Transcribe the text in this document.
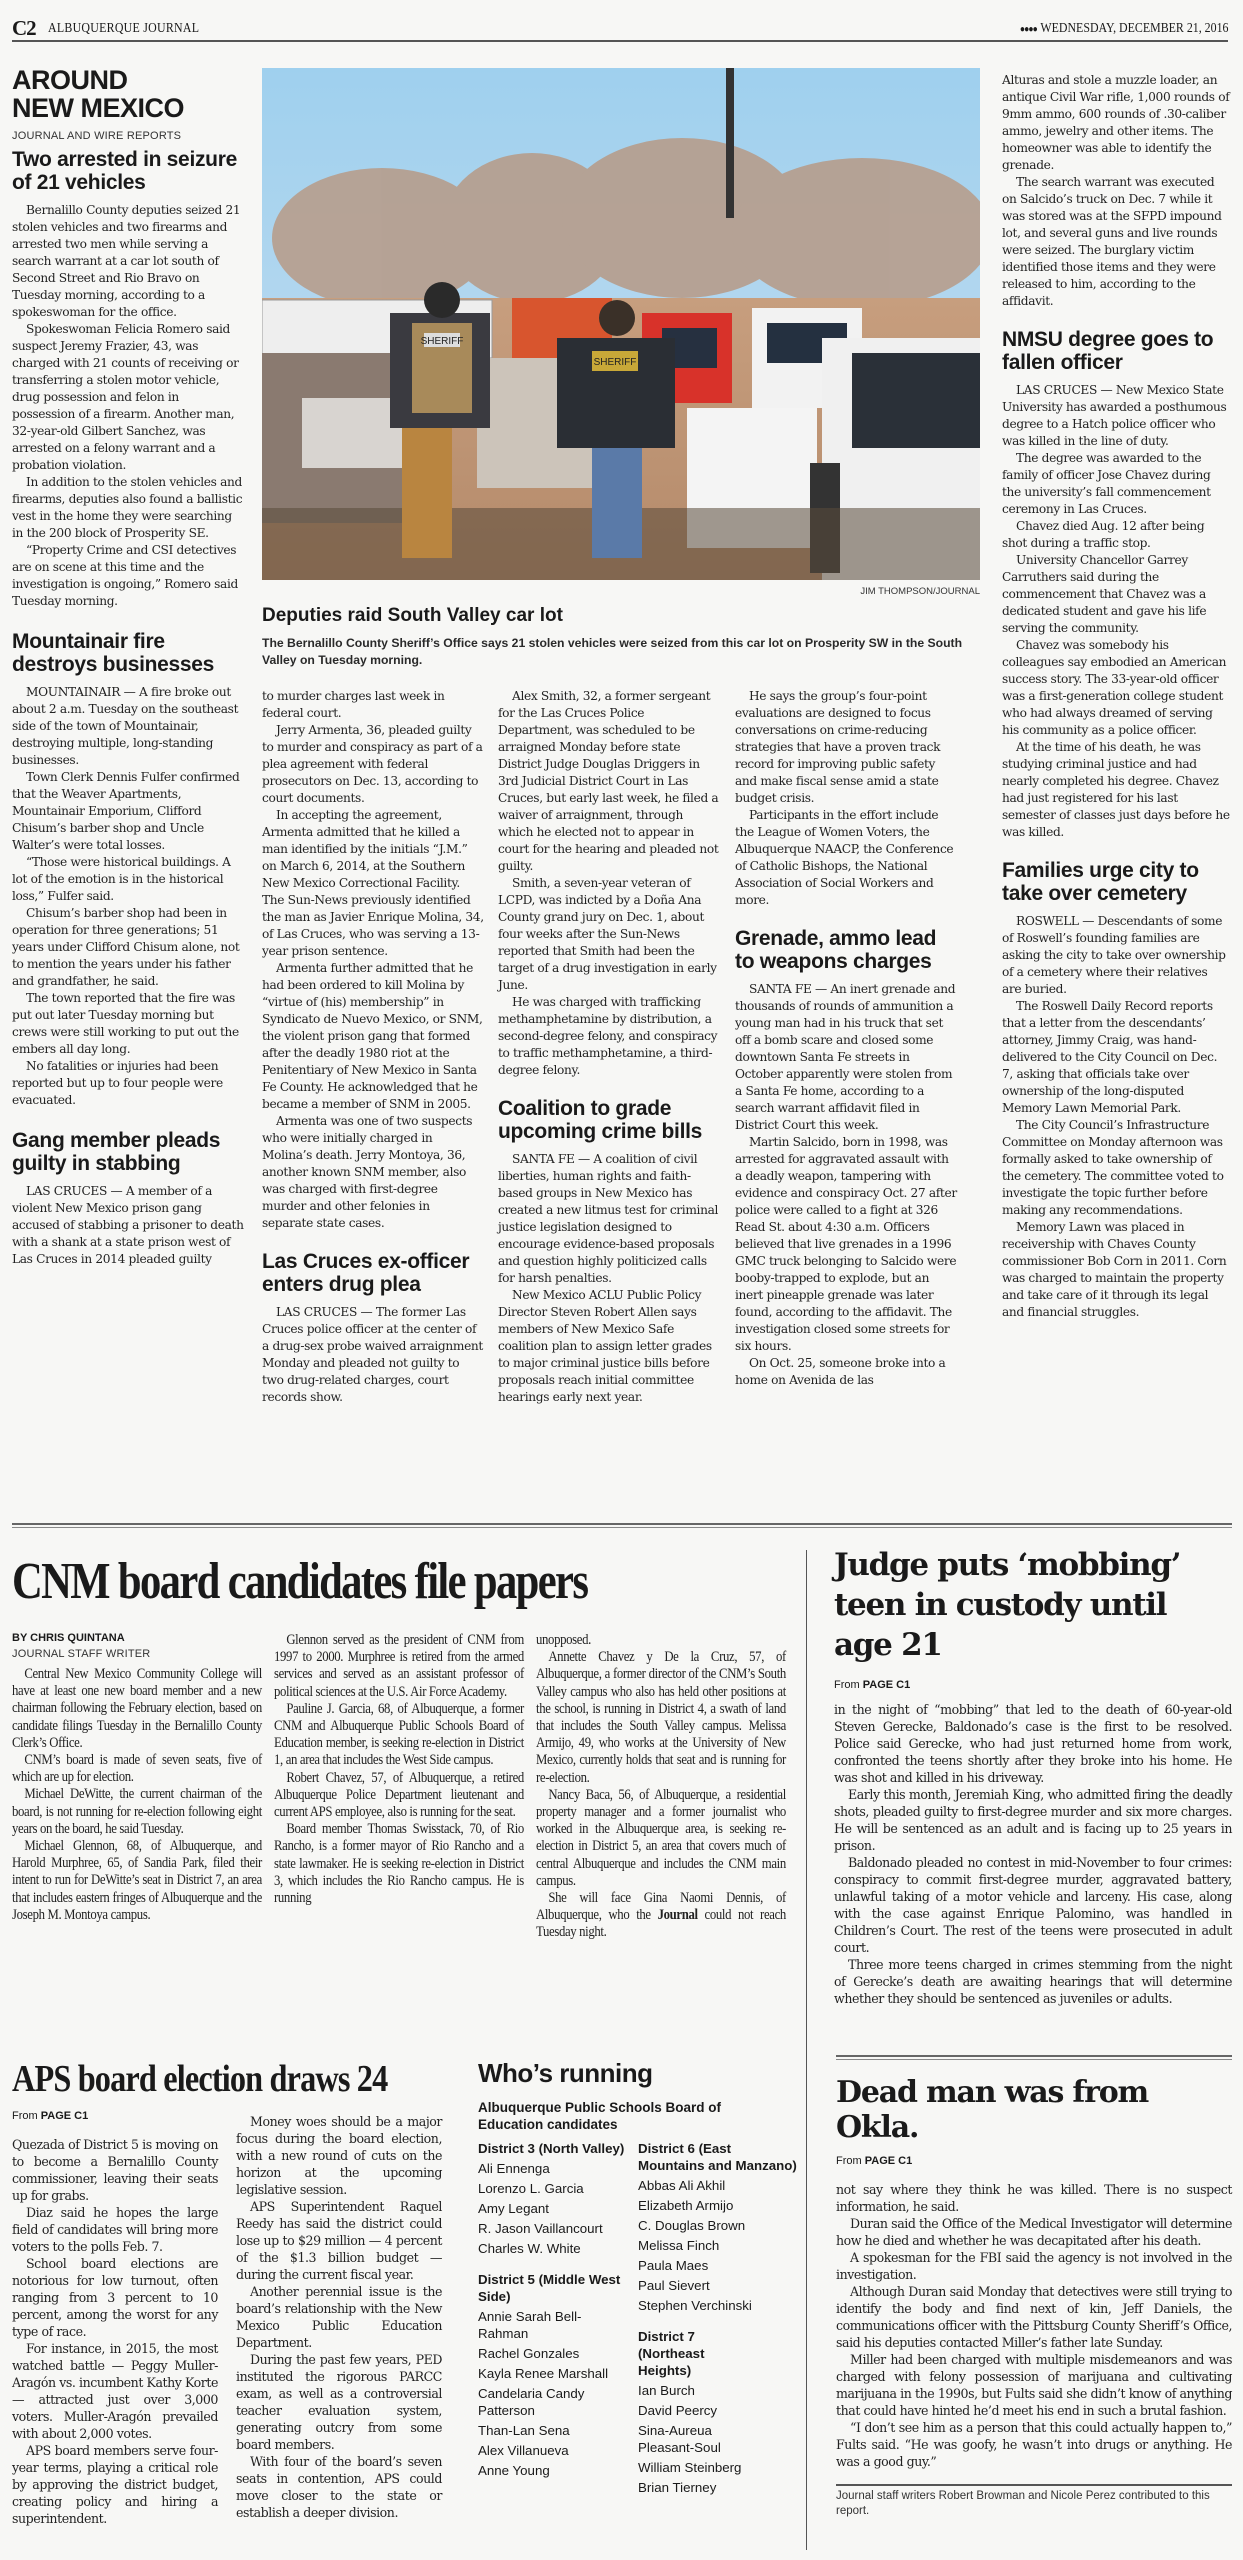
C2 ALBUQUERQUE JOURNAL	●●●● WEDNESDAY, DECEMBER 21, 2016
AROUND
NEW MEXICO
JOURNAL AND WIRE REPORTS
Two arrested in seizure of 21 vehicles

Bernalillo County deputies seized 21 stolen vehicles and two firearms and arrested two men while serving a search warrant at a car lot south of Second Street and Rio Bravo on Tuesday morning, according to a spokeswoman for the office.

Spokeswoman Felicia Romero said suspect Jeremy Frazier, 43, was charged with 21 counts of receiving or transferring a stolen motor vehicle, drug possession and felon in possession of a firearm. Another man, 32-year-old Gilbert Sanchez, was arrested on a felony warrant and a probation violation.

In addition to the stolen vehicles and firearms, deputies also found a ballistic vest in the home they were searching in the 200 block of Prosperity SE.

“Property Crime and CSI detectives are on scene at this time and the investigation is ongoing,” Romero said Tuesday morning.

Mountainair fire destroys businesses

MOUNTAINAIR — A fire broke out about 2 a.m. Tuesday on the southeast side of the town of Mountainair, destroying multiple, long-standing businesses.

Town Clerk Dennis Fulfer confirmed that the Weaver Apartments, Mountainair Emporium, Clifford Chisum’s barber shop and Uncle Walter’s were total losses.

“Those were historical buildings. A lot of the emotion is in the historical loss,” Fulfer said.

Chisum’s barber shop had been in operation for three generations; 51 years under Clifford Chisum alone, not to mention the years under his father and grandfather, he said.

The town reported that the fire was put out later Tuesday morning but crews were still working to put out the embers all day long.

No fatalities or injuries had been reported but up to four people were evacuated.

Gang member pleads guilty in stabbing

LAS CRUCES — A member of a violent New Mexico prison gang accused of stabbing a prisoner to death with a shank at a state prison west of Las Cruces in 2014 pleaded guilty

SHERIFF
SHERIFF
JIM THOMPSON/JOURNAL
Deputies raid South Valley car lot
The Bernalillo County Sheriff’s Office says 21 stolen vehicles were seized from this car lot on Prosperity SW in the South Valley on Tuesday morning.

to murder charges last week in federal court.

Jerry Armenta, 36, pleaded guilty to murder and conspiracy as part of a plea agreement with federal prosecutors on Dec. 13, according to court documents.

In accepting the agreement, Armenta admitted that he killed a man identified by the initials “J.M.” on March 6, 2014, at the Southern New Mexico Correctional Facility. The Sun-News previously identified the man as Javier Enrique Molina, 34, of Las Cruces, who was serving a 13-year prison sentence.

Armenta further admitted that he had been ordered to kill Molina by “virtue of (his) membership” in Syndicato de Nuevo Mexico, or SNM, the violent prison gang that formed after the deadly 1980 riot at the Penitentiary of New Mexico in Santa Fe County. He acknowledged that he became a member of SNM in 2005.

Armenta was one of two suspects who were initially charged in Molina’s death. Jerry Montoya, 36, another known SNM member, also was charged with first-degree murder and other felonies in separate state cases.

Las Cruces ex-officer enters drug plea

LAS CRUCES — The former Las Cruces police officer at the center of a drug-sex probe waived arraignment Monday and pleaded not guilty to two drug-related charges, court records show.

Alex Smith, 32, a former sergeant for the Las Cruces Police Department, was scheduled to be arraigned Monday before state District Judge Douglas Driggers in 3rd Judicial District Court in Las Cruces, but early last week, he filed a waiver of arraignment, through which he elected not to appear in court for the hearing and pleaded not guilty.

Smith, a seven-year veteran of LCPD, was indicted by a Doña Ana County grand jury on Dec. 1, about four weeks after the Sun-News reported that Smith had been the target of a drug investigation in early June.

He was charged with trafficking methamphetamine by distribution, a second-degree felony, and conspiracy to traffic methamphetamine, a third-degree felony.

Coalition to grade upcoming crime bills

SANTA FE — A coalition of civil liberties, human rights and faith-based groups in New Mexico has created a new litmus test for criminal justice legislation designed to encourage evidence-based proposals and question highly politicized calls for harsh penalties.

New Mexico ACLU Public Policy Director Steven Robert Allen says members of New Mexico Safe coalition plan to assign letter grades to major criminal justice bills before proposals reach initial committee hearings early next year.

He says the group’s four-point evaluations are designed to focus conversations on crime-reducing strategies that have a proven track record for improving public safety and make fiscal sense amid a state budget crisis.

Participants in the effort include the League of Women Voters, the Albuquerque NAACP, the Conference of Catholic Bishops, the National Association of Social Workers and more.

Grenade, ammo lead to weapons charges

SANTA FE — An inert grenade and thousands of rounds of ammunition a young man had in his truck that set off a bomb scare and closed some downtown Santa Fe streets in October apparently were stolen from a Santa Fe home, according to a search warrant affidavit filed in District Court this week.

Martin Salcido, born in 1998, was arrested for aggravated assault with a deadly weapon, tampering with evidence and conspiracy Oct. 27 after police were called to a fight at 326 Read St. about 4:30 a.m. Officers believed that live grenades in a 1996 GMC truck belonging to Salcido were booby-trapped to explode, but an inert pineapple grenade was later found, according to the affidavit. The investigation closed some streets for six hours.

On Oct. 25, someone broke into a home on Avenida de las

Alturas and stole a muzzle loader, an antique Civil War rifle, 1,000 rounds of 9mm ammo, 600 rounds of .30-caliber ammo, jewelry and other items. The homeowner was able to identify the grenade.

The search warrant was executed on Salcido’s truck on Dec. 7 while it was stored was at the SFPD impound lot, and several guns and live rounds were seized. The burglary victim identified those items and they were released to him, according to the affidavit.

NMSU degree goes to fallen officer

LAS CRUCES — New Mexico State University has awarded a posthumous degree to a Hatch police officer who was killed in the line of duty.

The degree was awarded to the family of officer Jose Chavez during the university’s fall commencement ceremony in Las Cruces.

Chavez died Aug. 12 after being shot during a traffic stop.

University Chancellor Garrey Carruthers said during the commencement that Chavez was a dedicated student and gave his life serving the community.

Chavez was somebody his colleagues say embodied an American success story. The 33-year-old officer was a first-generation college student who had always dreamed of serving his community as a police officer.

At the time of his death, he was studying criminal justice and had nearly completed his degree. Chavez had just registered for his last semester of classes just days before he was killed.

Families urge city to take over cemetery

ROSWELL — Descendants of some of Roswell’s founding families are asking the city to take over ownership of a cemetery where their relatives are buried.

The Roswell Daily Record reports that a letter from the descendants’ attorney, Jimmy Craig, was hand-delivered to the City Council on Dec. 7, asking that officials take over ownership of the long-disputed Memory Lawn Memorial Park.

The City Council’s Infrastructure Committee on Monday afternoon was formally asked to take ownership of the cemetery. The committee voted to investigate the topic further before making any recommendations.

Memory Lawn was placed in receivership with Chaves County commissioner Bob Corn in 2011. Corn was charged to maintain the property and take care of it through its legal and financial struggles.

CNM board candidates file papers
BY CHRIS QUINTANA
JOURNAL STAFF WRITER

Central New Mexico Community College will have at least one new board member and a new chairman following the February election, based on candidate filings Tuesday in the Bernalillo County Clerk’s Office.

CNM’s board is made of seven seats, five of which are up for election.

Michael DeWitte, the current chairman of the board, is not running for re-election following eight years on the board, he said Tuesday.

Michael Glennon, 68, of Albuquerque, and Harold Murphree, 65, of Sandia Park, filed their intent to run for DeWitte’s seat in District 7, an area that includes eastern fringes of Albuquerque and the Joseph M. Montoya campus.

Glennon served as the president of CNM from 1997 to 2000. Murphree is retired from the armed services and served as an assistant professor of political sciences at the U.S. Air Force Academy.

Pauline J. Garcia, 68, of Albuquerque, a former CNM and Albuquerque Public Schools Board of Education member, is seeking re-election in District 1, an area that includes the West Side campus.

Robert Chavez, 57, of Albuquerque, a retired Albuquerque Police Department lieutenant and current APS employee, also is running for the seat.

Board member Thomas Swisstack, 70, of Rio Rancho, is a former mayor of Rio Rancho and a state lawmaker. He is seeking re-election in District 3, which includes the Rio Rancho campus. He is running

unopposed.

Annette Chavez y De la Cruz, 57, of Albuquerque, a former director of the CNM’s South Valley campus who also has held other positions at the school, is running in District 4, a swath of land that includes the South Valley campus. Melissa Armijo, 49, who works at the University of New Mexico, currently holds that seat and is running for re-election.

Nancy Baca, 56, of Albuquerque, a residential property manager and a former journalist who worked in the Albuquerque area, is seeking re-election in District 5, an area that covers much of central Albuquerque and includes the CNM main campus.

She will face Gina Naomi Dennis, of Albuquerque, who the Journal could not reach Tuesday night.

Judge puts ‘mobbing’ teen in custody until age 21
From PAGE C1

in the night of “mobbing” that led to the death of 60-year-old Steven Gerecke, Baldonado’s case is the first to be resolved. Police said Gerecke, who had just returned home from work, confronted the teens shortly after they broke into his home. He was shot and killed in his driveway.

Early this month, Jeremiah King, who admitted firing the deadly shots, pleaded guilty to first-degree murder and six more charges. He will be sentenced as an adult and is facing up to 25 years in prison.

Baldonado pleaded no contest in mid-November to four crimes: conspiracy to commit first-degree murder, aggravated battery, unlawful taking of a motor vehicle and larceny. His case, along with the case against Enrique Palomino, was handled in Children’s Court. The rest of the teens were prosecuted in adult court.

Three more teens charged in crimes stemming from the night of Gerecke’s death are awaiting hearings that will determine whether they should be sentenced as juveniles or adults.

APS board election draws 24
From PAGE C1

Quezada of District 5 is moving on to become a Bernalillo County commissioner, leaving their seats up for grabs.

Diaz said he hopes the large field of candidates will bring more voters to the polls Feb. 7.

School board elections are notorious for low turnout, often ranging from 3 percent to 10 percent, among the worst for any type of race.

For instance, in 2015, the most watched battle — Peggy Muller-Aragón vs. incumbent Kathy Korte — attracted just over 3,000 voters. Muller-Aragón prevailed with about 2,000 votes.

APS board members serve four-year terms, playing a critical role by approving the district budget, creating policy and hiring a superintendent.

Money woes should be a major focus during the board election, with a new round of cuts on the horizon at the upcoming legislative session.

APS Superintendent Raquel Reedy has said the district could lose up to $29 million — 4 percent of the $1.3 billion budget — during the current fiscal year.

Another perennial issue is the board’s relationship with the New Mexico Public Education Department.

During the past few years, PED instituted the rigorous PARCC exam, as well as a controversial teacher evaluation system, generating outcry from some board members.

With four of the board’s seven seats in contention, APS could move closer to the state or establish a deeper division.

Who’s running
Albuquerque Public Schools Board of Education candidates
District 3 (North Valley)
Ali Ennenga
Lorenzo L. Garcia
Amy Legant
R. Jason Vaillancourt
Charles W. White
District 5 (Middle West Side)
Annie Sarah Bell-Rahman
Rachel Gonzales
Kayla Renee Marshall
Candelaria Candy Patterson
Than-Lan Sena
Alex Villanueva
Anne Young
District 6 (East Mountains and Manzano)
Abbas Ali Akhil
Elizabeth Armijo
C. Douglas Brown
Melissa Finch
Paula Maes
Paul Sievert
Stephen Verchinski
District 7 (Northeast Heights)
Ian Burch
David Peercy
Sina-Aureua Pleasant-Soul
William Steinberg
Brian Tierney
Dead man was from Okla.
From PAGE C1

not say where they think he was killed. There is no suspect information, he said.

Duran said the Office of the Medical Investigator will determine how he died and whether he was decapitated after his death.

A spokesman for the FBI said the agency is not involved in the investigation.

Although Duran said Monday that detectives were still trying to identify the body and find next of kin, Jeff Daniels, the communications officer with the Pittsburg County Sheriff’s Office, said his deputies contacted Miller’s father late Sunday.

Miller had been charged with multiple misdemeanors and was charged with felony possession of marijuana and cultivating marijuana in the 1990s, but Fults said she didn’t know of anything that could have hinted he’d meet his end in such a brutal fashion.

“I don’t see him as a person that this could actually happen to,” Fults said. “He was goofy, he wasn’t into drugs or anything. He was a good guy.”

Journal staff writers Robert Browman and Nicole Perez contributed to this report.
